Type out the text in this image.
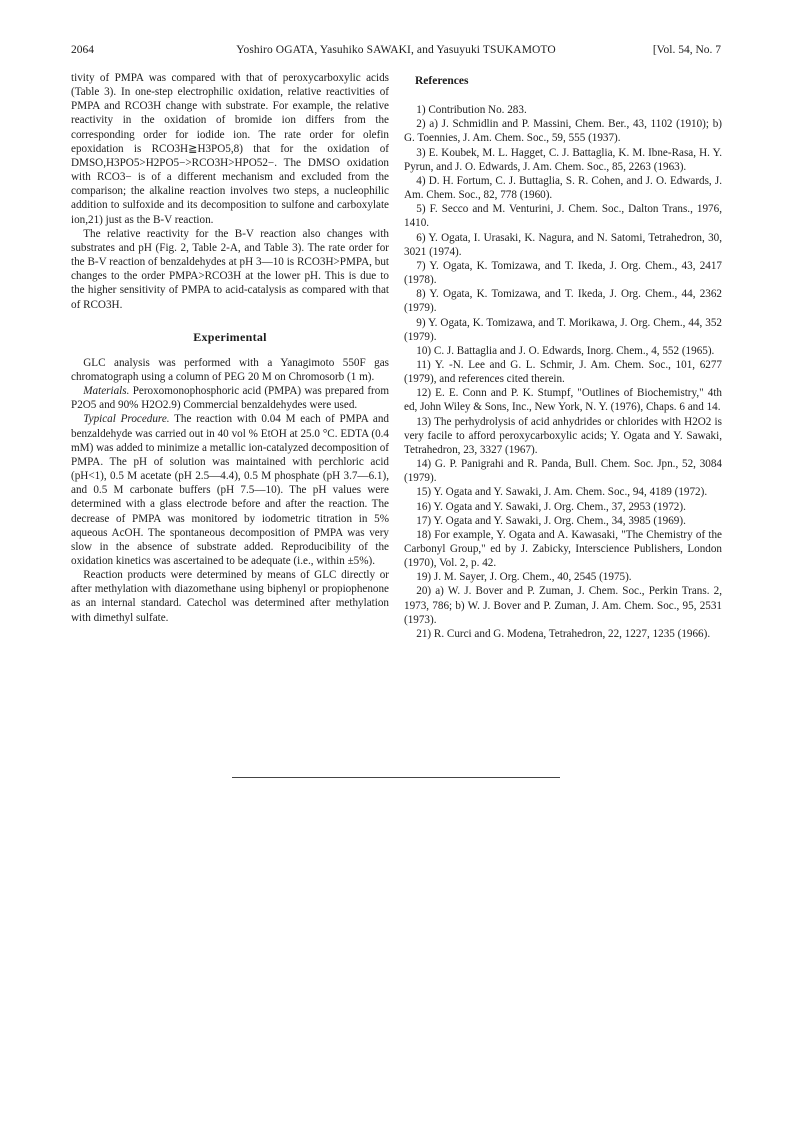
2064	Yoshiro OGATA, Yasuhiko SAWAKI, and Yasuyuki TSUKAMOTO	[Vol. 54, No. 7

tivity of PMPA was compared with that of peroxycarboxylic acids (Table 3). In one-step electrophilic oxidation, relative reactivities of PMPA and RCO3H change with substrate. For example, the relative reactivity in the oxidation of bromide ion differs from the corresponding order for iodide ion. The rate order for olefin epoxidation is RCO3H≧H3PO5,8) that for the oxidation of DMSO,H3PO5>H2PO5−>RCO3H>HPO52−. The DMSO oxidation with RCO3− is of a different mechanism and excluded from the comparison; the alkaline reaction involves two steps, a nucleophilic addition to sulfoxide and its decomposition to sulfone and carboxylate ion,21) just as the B-V reaction.

The relative reactivity for the B-V reaction also changes with substrates and pH (Fig. 2, Table 2-A, and Table 3). The rate order for the B-V reaction of benzaldehydes at pH 3—10 is RCO3H>PMPA, but changes to the order PMPA>RCO3H at the lower pH. This is due to the higher sensitivity of PMPA to acid-catalysis as compared with that of RCO3H.

Experimental

GLC analysis was performed with a Yanagimoto 550F gas chromatograph using a column of PEG 20 M on Chromosorb (1 m).

Materials. Peroxomonophosphoric acid (PMPA) was prepared from P2O5 and 90% H2O2.9) Commercial benzaldehydes were used.

Typical Procedure. The reaction with 0.04 M each of PMPA and benzaldehyde was carried out in 40 vol % EtOH at 25.0 °C. EDTA (0.4 mM) was added to minimize a metallic ion-catalyzed decomposition of PMPA. The pH of solution was maintained with perchloric acid (pH<1), 0.5 M acetate (pH 2.5—4.4), 0.5 M phosphate (pH 3.7—6.1), and 0.5 M carbonate buffers (pH 7.5—10). The pH values were determined with a glass electrode before and after the reaction. The decrease of PMPA was monitored by iodometric titration in 5% aqueous AcOH. The spontaneous decomposition of PMPA was very slow in the absence of substrate added. Reproducibility of the oxidation kinetics was ascertained to be adequate (i.e., within ±5%).

Reaction products were determined by means of GLC directly or after methylation with diazomethane using biphenyl or propiophenone as an internal standard. Catechol was determined after methylation with dimethyl sulfate.

References

1) Contribution No. 283.

2) a) J. Schmidlin and P. Massini, Chem. Ber., 43, 1102 (1910); b) G. Toennies, J. Am. Chem. Soc., 59, 555 (1937).

3) E. Koubek, M. L. Hagget, C. J. Battaglia, K. M. Ibne-Rasa, H. Y. Pyrun, and J. O. Edwards, J. Am. Chem. Soc., 85, 2263 (1963).

4) D. H. Fortum, C. J. Buttaglia, S. R. Cohen, and J. O. Edwards, J. Am. Chem. Soc., 82, 778 (1960).

5) F. Secco and M. Venturini, J. Chem. Soc., Dalton Trans., 1976, 1410.

6) Y. Ogata, I. Urasaki, K. Nagura, and N. Satomi, Tetrahedron, 30, 3021 (1974).

7) Y. Ogata, K. Tomizawa, and T. Ikeda, J. Org. Chem., 43, 2417 (1978).

8) Y. Ogata, K. Tomizawa, and T. Ikeda, J. Org. Chem., 44, 2362 (1979).

9) Y. Ogata, K. Tomizawa, and T. Morikawa, J. Org. Chem., 44, 352 (1979).

10) C. J. Battaglia and J. O. Edwards, Inorg. Chem., 4, 552 (1965).

11) Y. -N. Lee and G. L. Schmir, J. Am. Chem. Soc., 101, 6277 (1979), and references cited therein.

12) E. E. Conn and P. K. Stumpf, "Outlines of Biochemistry," 4th ed, John Wiley & Sons, Inc., New York, N. Y. (1976), Chaps. 6 and 14.

13) The perhydrolysis of acid anhydrides or chlorides with H2O2 is very facile to afford peroxycarboxylic acids; Y. Ogata and Y. Sawaki, Tetrahedron, 23, 3327 (1967).

14) G. P. Panigrahi and R. Panda, Bull. Chem. Soc. Jpn., 52, 3084 (1979).

15) Y. Ogata and Y. Sawaki, J. Am. Chem. Soc., 94, 4189 (1972).

16) Y. Ogata and Y. Sawaki, J. Org. Chem., 37, 2953 (1972).

17) Y. Ogata and Y. Sawaki, J. Org. Chem., 34, 3985 (1969).

18) For example, Y. Ogata and A. Kawasaki, "The Chemistry of the Carbonyl Group," ed by J. Zabicky, Interscience Publishers, London (1970), Vol. 2, p. 42.

19) J. M. Sayer, J. Org. Chem., 40, 2545 (1975).

20) a) W. J. Bover and P. Zuman, J. Chem. Soc., Perkin Trans. 2, 1973, 786; b) W. J. Bover and P. Zuman, J. Am. Chem. Soc., 95, 2531 (1973).

21) R. Curci and G. Modena, Tetrahedron, 22, 1227, 1235 (1966).
